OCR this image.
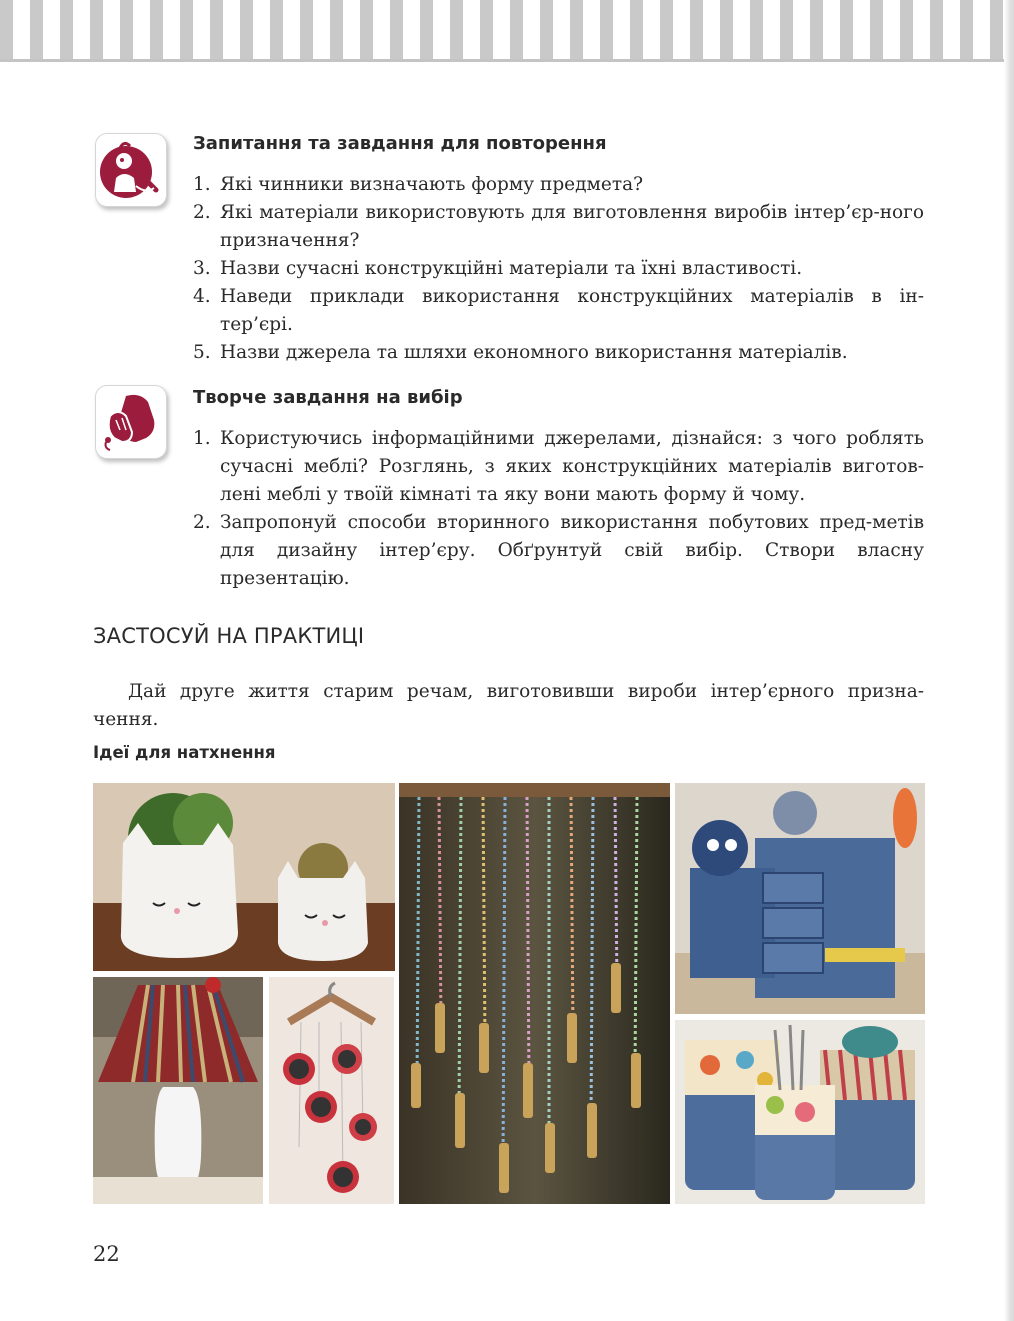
Запитання та завдання для повторення
1. Які чинники визначають форму предмета?
2. Які матеріали використовують для виготовлення виробів інтер’єр-ного призначення?
3. Назви сучасні конструкційні матеріали та їхні властивості.
4. Наведи приклади використання конструкційних матеріалів в ін-тер’єрі.
5. Назви джерела та шляхи економного використання матеріалів.
Творче завдання на вибір
1. Користуючись інформаційними джерелами, дізнайся: з чого роблять сучасні меблі? Розглянь, з яких конструкційних матеріалів виготов-лені меблі у твоїй кімнаті та яку вони мають форму й чому.
2. Запропонуй способи вторинного використання побутових пред-метів для дизайну інтер’єру. Обґрунтуй свій вибір. Створи власну презентацію.
ЗАСТОСУЙ НА ПРАКТИЦІ
Дай друге життя старим речам, виготовивши вироби інтер’єрного призна-чення.
Ідеї для натхнення
22
